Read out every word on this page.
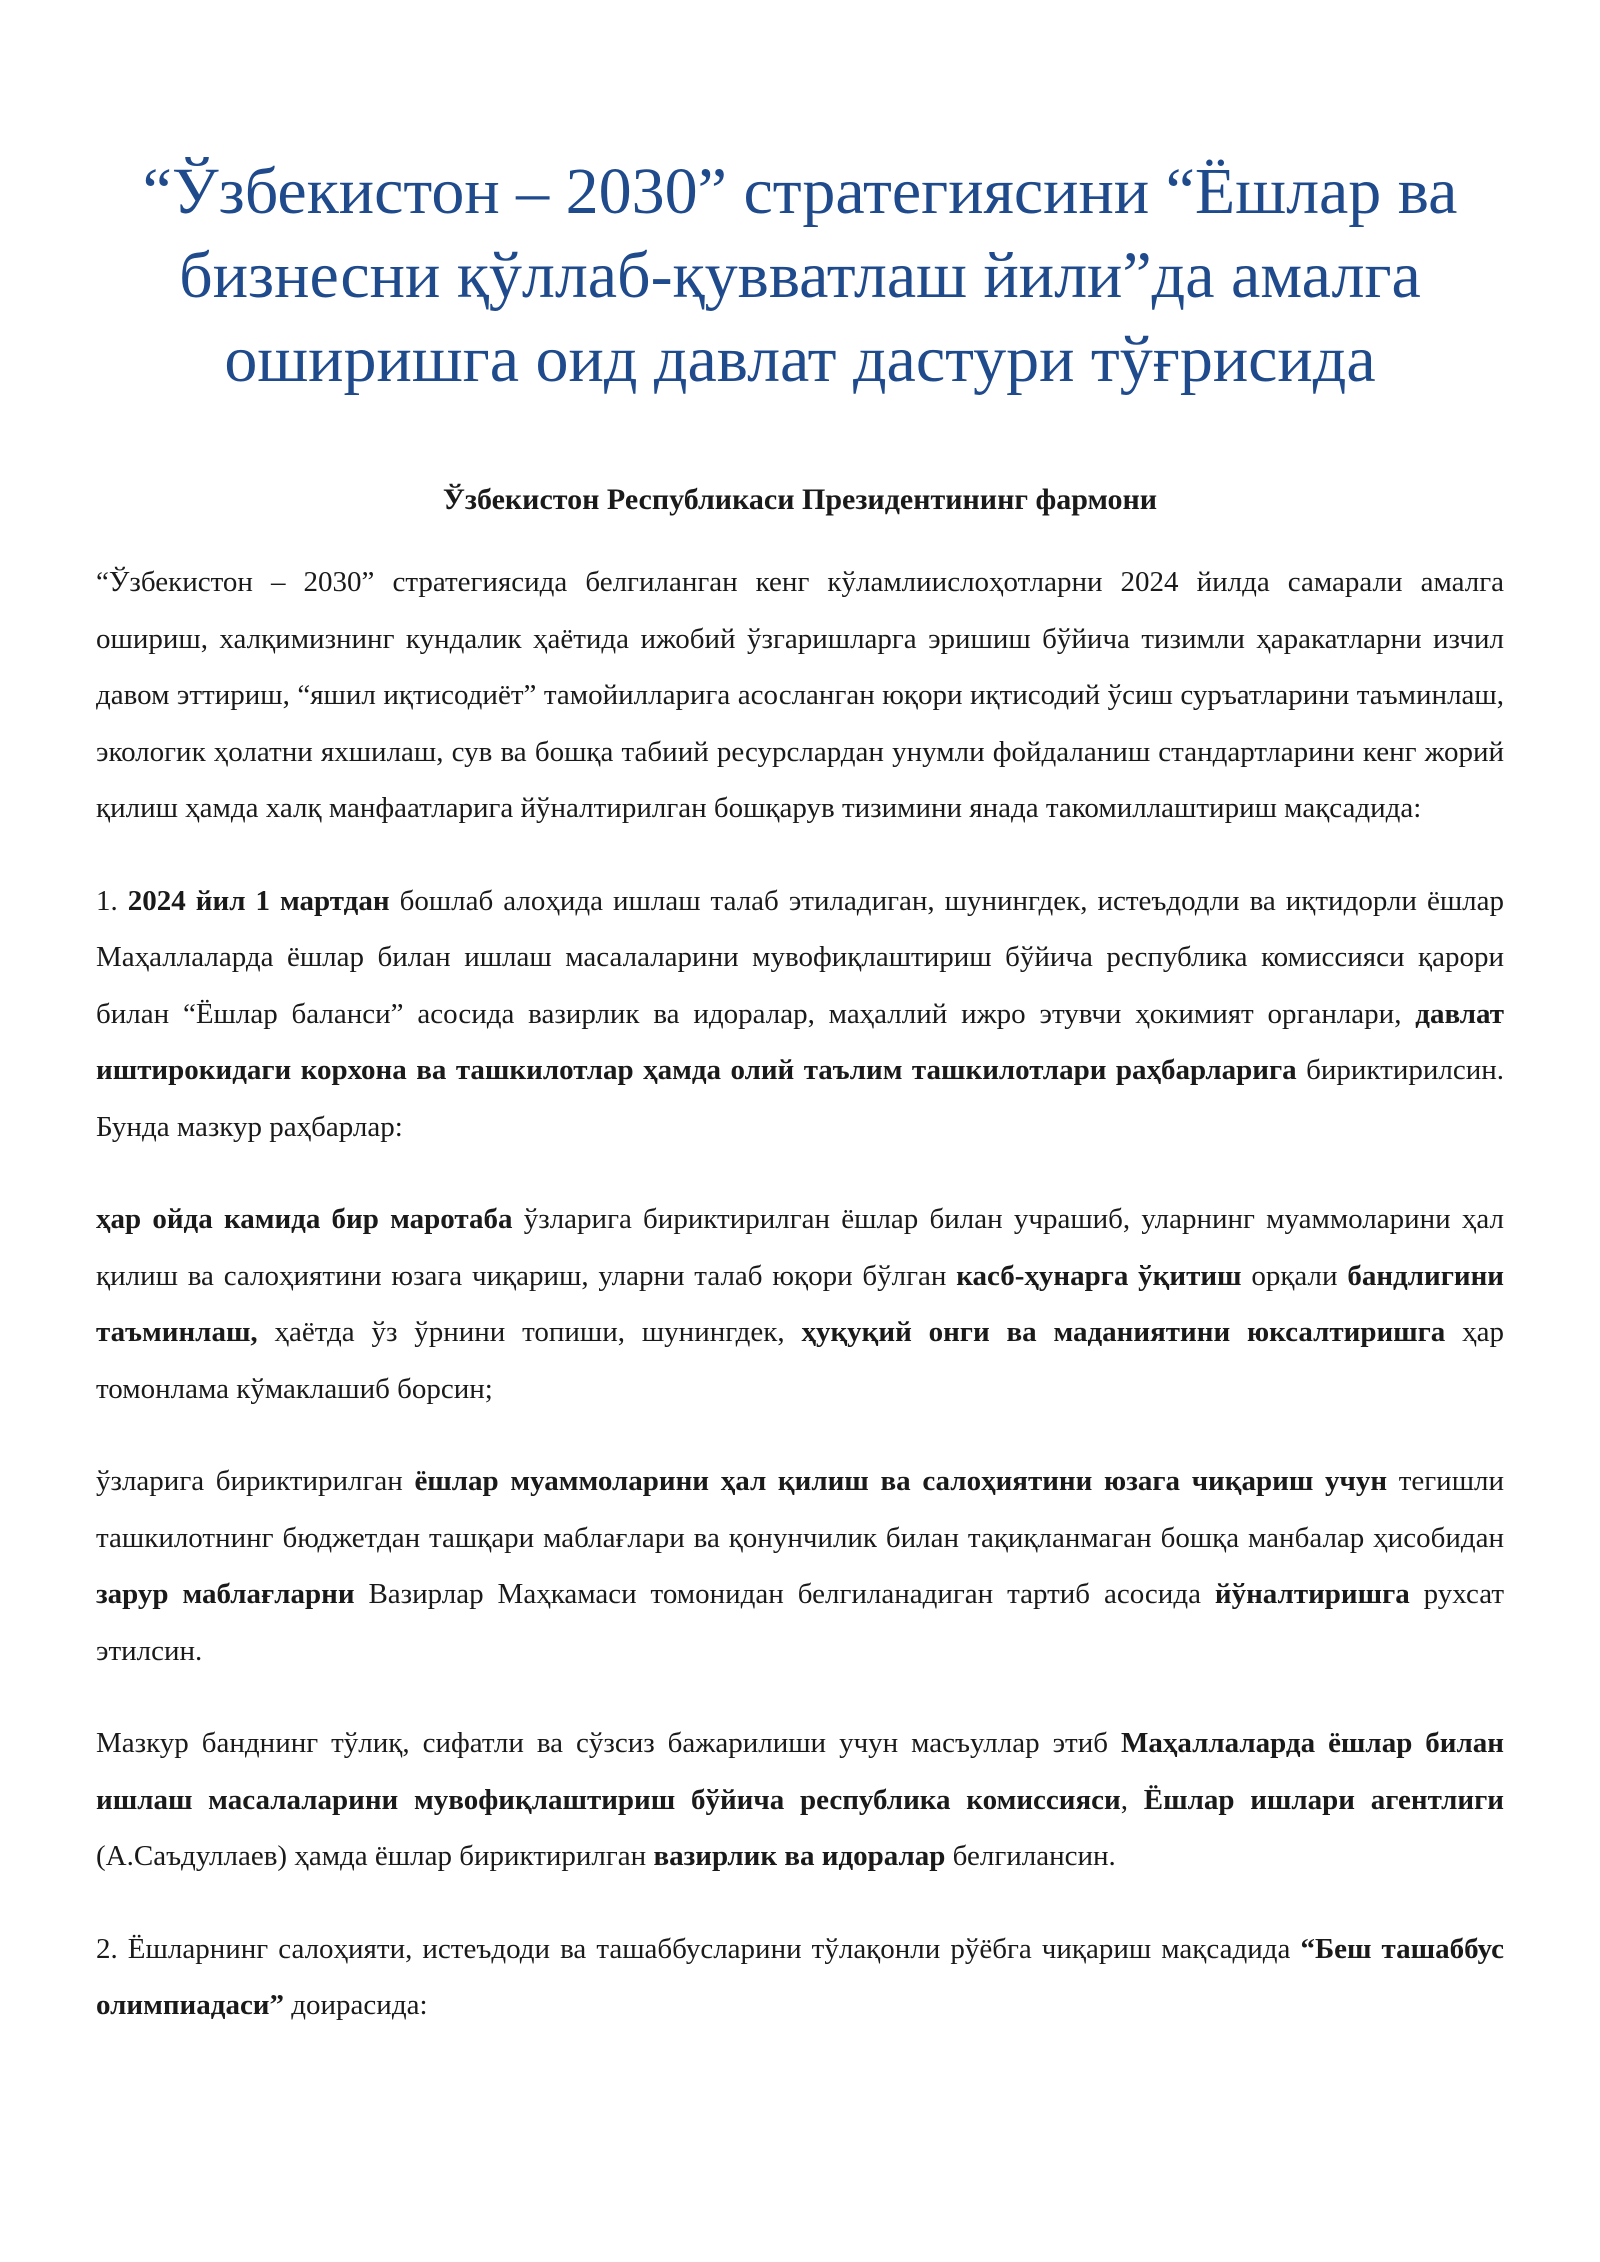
“Ўзбекистон – 2030” стратегиясини “Ёшлар ва бизнесни қўллаб-қувватлаш йили”да амалга оширишга оид давлат дастури тўғрисида
Ўзбекистон Республикаси Президентининг фармони

“Ўзбекистон – 2030” стратегиясида белгиланган кенг кўламлиислоҳотларни 2024 йилда самарали амалга ошириш, халқимизнинг кундалик ҳаётида ижобий ўзгаришларга эришиш бўйича тизимли ҳаракатларни изчил давом эттириш, “яшил иқтисодиёт” тамойилларига асосланган юқори иқтисодий ўсиш суръатларини таъминлаш, экологик ҳолатни яхшилаш, сув ва бошқа табиий ресурслардан унумли фойдаланиш стандартларини кенг жорий қилиш ҳамда халқ манфаатларига йўналтирилган бошқарув тизимини янада такомиллаштириш мақсадида:

1. 2024 йил 1 мартдан бошлаб алоҳида ишлаш талаб этиладиган, шунингдек, истеъдодли ва иқтидорли ёшлар Маҳаллаларда ёшлар билан ишлаш масалаларини мувофиқлаштириш бўйича республика комиссияси қарори билан “Ёшлар баланси” асосида вазирлик ва идоралар, маҳаллий ижро этувчи ҳокимият органлари, давлат иштирокидаги корхона ва ташкилотлар ҳамда олий таълим ташкилотлари раҳбарларига бириктирилсин. Бунда мазкур раҳбарлар:

ҳар ойда камида бир маротаба ўзларига бириктирилган ёшлар билан учрашиб, уларнинг муаммоларини ҳал қилиш ва салоҳиятини юзага чиқариш, уларни талаб юқори бўлган касб-ҳунарга ўқитиш орқали бандлигини таъминлаш, ҳаётда ўз ўрнини топиши, шунингдек, ҳуқуқий онги ва маданиятини юксалтиришга ҳар томонлама кўмаклашиб борсин;

ўзларига бириктирилган ёшлар муаммоларини ҳал қилиш ва салоҳиятини юзага чиқариш учун тегишли ташкилотнинг бюджетдан ташқари маблағлари ва қонунчилик билан тақиқланмаган бошқа манбалар ҳисобидан зарур маблағларни Вазирлар Маҳкамаси томонидан белгиланадиган тартиб асосида йўналтиришга рухсат этилсин.

Мазкур банднинг тўлиқ, сифатли ва сўзсиз бажарилиши учун масъуллар этиб Маҳаллаларда ёшлар билан ишлаш масалаларини мувофиқлаштириш бўйича республика комиссияси, Ёшлар ишлари агентлиги (А.Саъдуллаев) ҳамда ёшлар бириктирилган вазирлик ва идоралар белгилансин.

2. Ёшларнинг салоҳияти, истеъдоди ва ташаббусларини тўлақонли рўёбга чиқариш мақсадида “Беш ташаббус олимпиадаси” доирасида:
